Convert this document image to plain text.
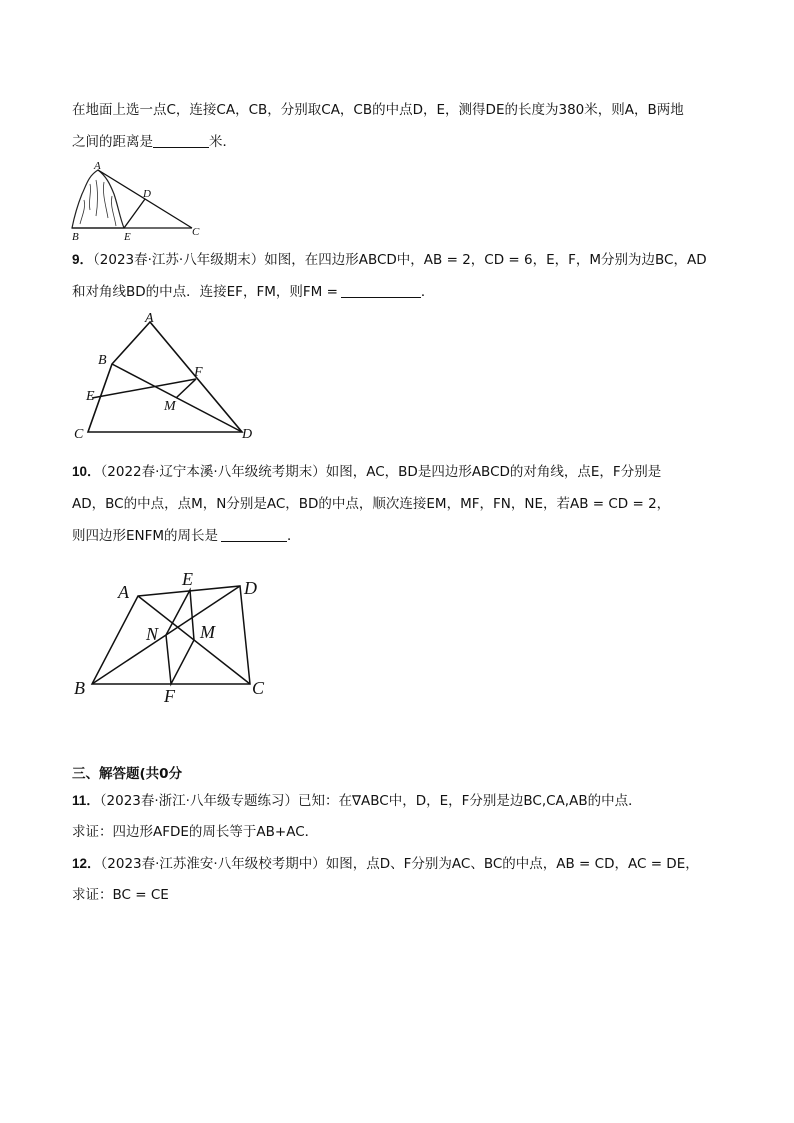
在地面上选一点C，连接CA，CB，分别取CA，CB的中点D，E，测得DE的长度为380米，则A，B两地
之间的距离是	米．
A
B	E
D
C
9．（2023春·江苏·八年级期末）如图，在四边形ABCD中，AB = 2，CD = 6，E，F，M分别为边BC，AD
和对角线BD的中点．连接EF，FM，则FM =	．
A
B
E
F
M
C	D
10．（2022春·辽宁本溪·八年级统考期末）如图，AC，BD是四边形ABCD的对角线，点E，F分别是
AD，BC的中点，点M，N分别是AC，BD的中点，顺次连接EM，MF，FN，NE，若AB = CD = 2，
则四边形ENFM的周长是	．
A
E	D
N M
B	F	C
三、解答题(共0分
11．（2023春·浙江·八年级专题练习）已知：在∇ABC中，D，E，F分别是边BC,CA,AB的中点．
求证：四边形AFDE的周长等于AB+AC．
12．（2023春·江苏淮安·八年级校考期中）如图，点D、F分别为AC、BC的中点，AB = CD，AC = DE，
求证：BC = CE
